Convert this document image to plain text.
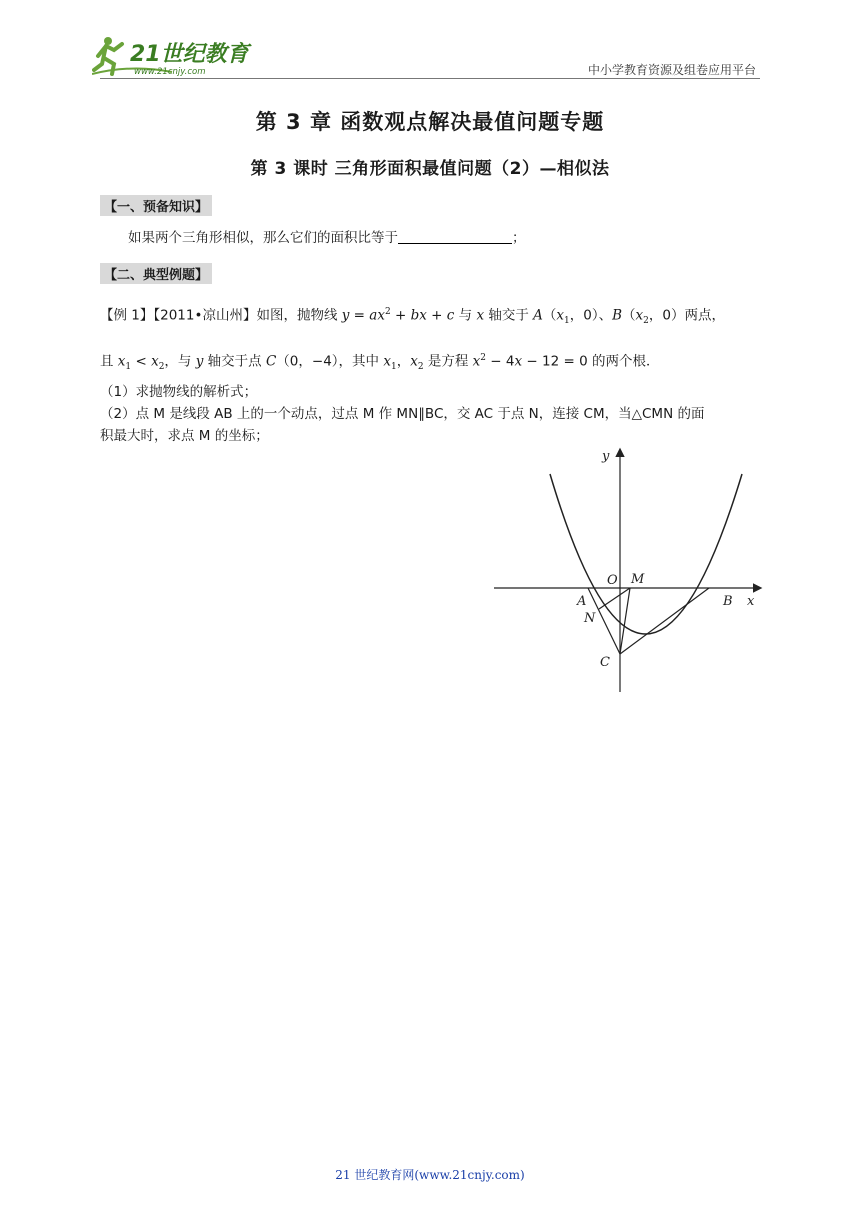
21世纪教育
www.21cnjy.com	中小学教育资源及组卷应用平台
第 3 章 函数观点解决最值问题专题
第 3 课时 三角形面积最值问题（2）—相似法
【一、预备知识】
如果两个三角形相似，那么它们的面积比等于	；
【二、典型例题】
【例 1】【2011•凉山州】如图，抛物线 $y = ax^2$ + bx + c 与 x 轴交于 $A(x_1$，0）、$B(x_2$，0）两点，
且 $x_1 < x_2$，与 y 轴交于点 C（0，−4），其中 $x_1$，$x_2$ 是方程 $x^2 - 4x - 12 = 0$ 的两个根．
（1）求抛物线的解析式；
（2）点 M 是线段 AB 上的一个动点，过点 M 作 MN∥BC，交 AC 于点 N，连接 CM，当△CMN 的面
积最大时，求点 M 的坐标；
y
x
O M
A	B
N
C
21 世纪教育网(www.21cnjy.com)
